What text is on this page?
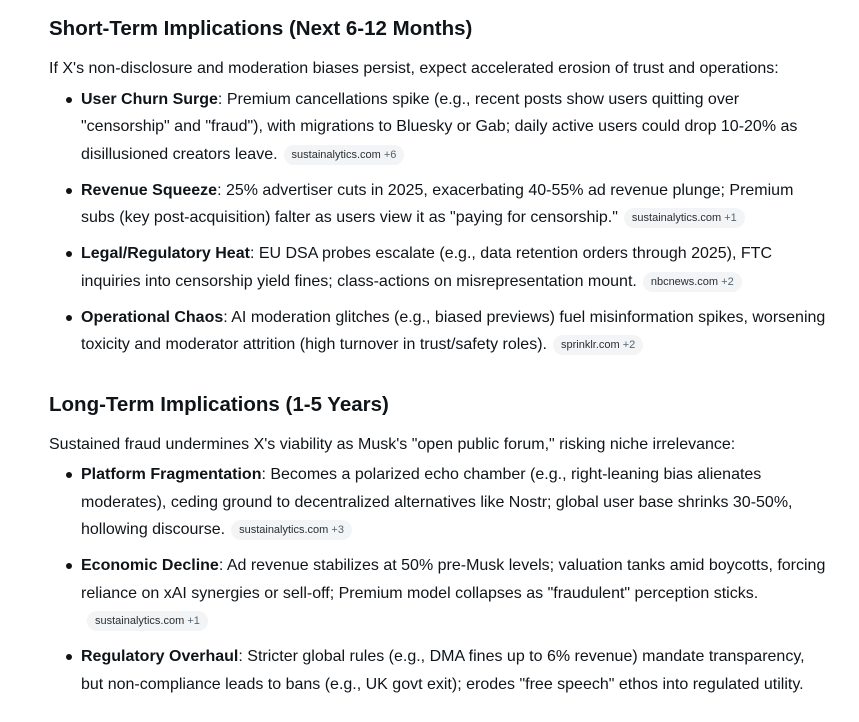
Short-Term Implications (Next 6-12 Months)

If X's non-disclosure and moderation biases persist, expect accelerated erosion of trust and operations:

User Churn Surge: Premium cancellations spike (e.g., recent posts show users quitting over "censorship" and "fraud"), with migrations to Bluesky or Gab; daily active users could drop 10-20% as disillusioned creators leave. sustainalytics.com +6
Revenue Squeeze: 25% advertiser cuts in 2025, exacerbating 40-55% ad revenue plunge; Premium subs (key post-acquisition) falter as users view it as "paying for censorship." sustainalytics.com +1
Legal/Regulatory Heat: EU DSA probes escalate (e.g., data retention orders through 2025), FTC inquiries into censorship yield fines; class-actions on misrepresentation mount. nbcnews.com +2
Operational Chaos: AI moderation glitches (e.g., biased previews) fuel misinformation spikes, worsening toxicity and moderator attrition (high turnover in trust/safety roles). sprinklr.com +2
Long-Term Implications (1-5 Years)

Sustained fraud undermines X's viability as Musk's "open public forum," risking niche irrelevance:

Platform Fragmentation: Becomes a polarized echo chamber (e.g., right-leaning bias alienates moderates), ceding ground to decentralized alternatives like Nostr; global user base shrinks 30-50%, hollowing discourse. sustainalytics.com +3
Economic Decline: Ad revenue stabilizes at 50% pre-Musk levels; valuation tanks amid boycotts, forcing reliance on xAI synergies or sell-off; Premium model collapses as "fraudulent" perception sticks.sustainalytics.com +1
Regulatory Overhaul: Stricter global rules (e.g., DMA fines up to 6% revenue) mandate transparency, but non-compliance leads to bans (e.g., UK govt exit); erodes "free speech" ethos into regulated utility.
